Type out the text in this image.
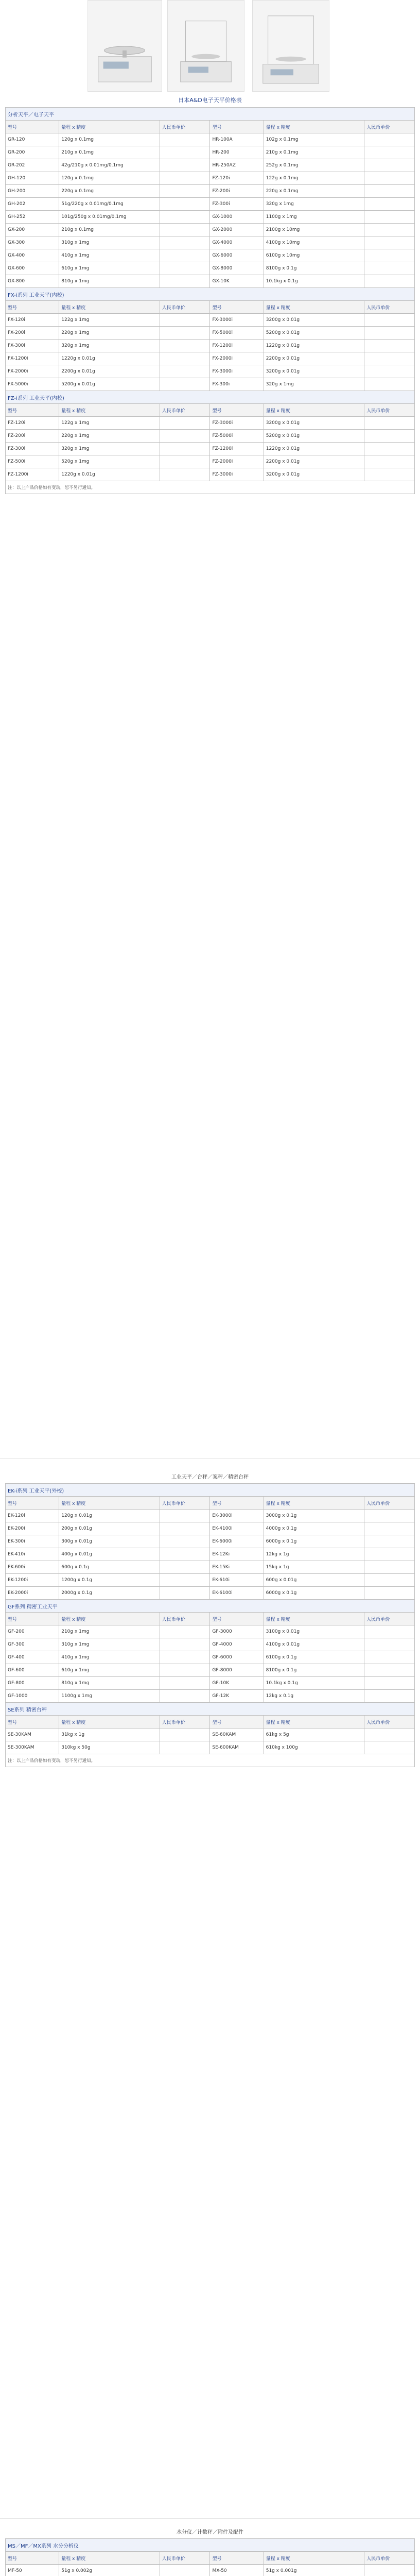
日本A&D电子天平价格表
分析天平／电子天平					
型号	量程 x 精度	人民币单价	型号	量程 x 精度	人民币单价
GR-120	120g x 0.1mg		HR-100A	102g x 0.1mg	
GR-200	210g x 0.1mg		HR-200	210g x 0.1mg	
GR-202	42g/210g x 0.01mg/0.1mg		HR-250AZ	252g x 0.1mg	
GH-120	120g x 0.1mg		FZ-120i	122g x 0.1mg	
GH-200	220g x 0.1mg		FZ-200i	220g x 0.1mg	
GH-202	51g/220g x 0.01mg/0.1mg		FZ-300i	320g x 1mg	
GH-252	101g/250g x 0.01mg/0.1mg		GX-1000	1100g x 1mg	
GX-200	210g x 0.1mg		GX-2000	2100g x 10mg	
GX-300	310g x 1mg		GX-4000	4100g x 10mg	
GX-400	410g x 1mg		GX-6000	6100g x 10mg	
GX-600	610g x 1mg		GX-8000	8100g x 0.1g	
GX-800	810g x 1mg		GX-10K	10.1kg x 0.1g	
FX-i系列 工业天平(内校)					
型号	量程 x 精度	人民币单价	型号	量程 x 精度	人民币单价
FX-120i	122g x 1mg		FX-3000i	3200g x 0.01g	
FX-200i	220g x 1mg		FX-5000i	5200g x 0.01g	
FX-300i	320g x 1mg		FX-1200i	1220g x 0.01g	
FX-1200i	1220g x 0.01g		FX-2000i	2200g x 0.01g	
FX-2000i	2200g x 0.01g		FX-3000i	3200g x 0.01g	
FX-5000i	5200g x 0.01g		FX-300i	320g x 1mg	
FZ-i系列 工业天平(内校)					
型号	量程 x 精度	人民币单价	型号	量程 x 精度	人民币单价
FZ-120i	122g x 1mg		FZ-3000i	3200g x 0.01g	
FZ-200i	220g x 1mg		FZ-5000i	5200g x 0.01g	
FZ-300i	320g x 1mg		FZ-1200i	1220g x 0.01g	
FZ-500i	520g x 1mg		FZ-2000i	2200g x 0.01g	
FZ-1200i	1220g x 0.01g		FZ-3000i	3200g x 0.01g	
注：以上产品价格如有变动，恕不另行通知。					
工业天平／台秤／案秤／精密台秤
EK-i系列 工业天平(外校)					
型号	量程 x 精度	人民币单价	型号	量程 x 精度	人民币单价
EK-120i	120g x 0.01g		EK-3000i	3000g x 0.1g	
EK-200i	200g x 0.01g		EK-4100i	4000g x 0.1g	
EK-300i	300g x 0.01g		EK-6000i	6000g x 0.1g	
EK-410i	400g x 0.01g		EK-12Ki	12kg x 1g	
EK-600i	600g x 0.1g		EK-15Ki	15kg x 1g	
EK-1200i	1200g x 0.1g		EK-610i	600g x 0.01g	
EK-2000i	2000g x 0.1g		EK-6100i	6000g x 0.1g	
GF系列 精密工业天平					
型号	量程 x 精度	人民币单价	型号	量程 x 精度	人民币单价
GF-200	210g x 1mg		GF-3000	3100g x 0.01g	
GF-300	310g x 1mg		GF-4000	4100g x 0.01g	
GF-400	410g x 1mg		GF-6000	6100g x 0.1g	
GF-600	610g x 1mg		GF-8000	8100g x 0.1g	
GF-800	810g x 1mg		GF-10K	10.1kg x 0.1g	
GF-1000	1100g x 1mg		GF-12K	12kg x 0.1g	
SE系列 精密台秤					
型号	量程 x 精度	人民币单价	型号	量程 x 精度	人民币单价
SE-30KAM	31kg x 1g		SE-60KAM	61kg x 5g	
SE-300KAM	310kg x 50g		SE-600KAM	610kg x 100g	
注：以上产品价格如有变动，恕不另行通知。					
水分仪／计数秤／附件及配件
MS／MF／MX系列 水分分析仪					
型号	量程 x 精度	人民币单价	型号	量程 x 精度	人民币单价
MF-50	51g x 0.002g		MX-50	51g x 0.001g	
